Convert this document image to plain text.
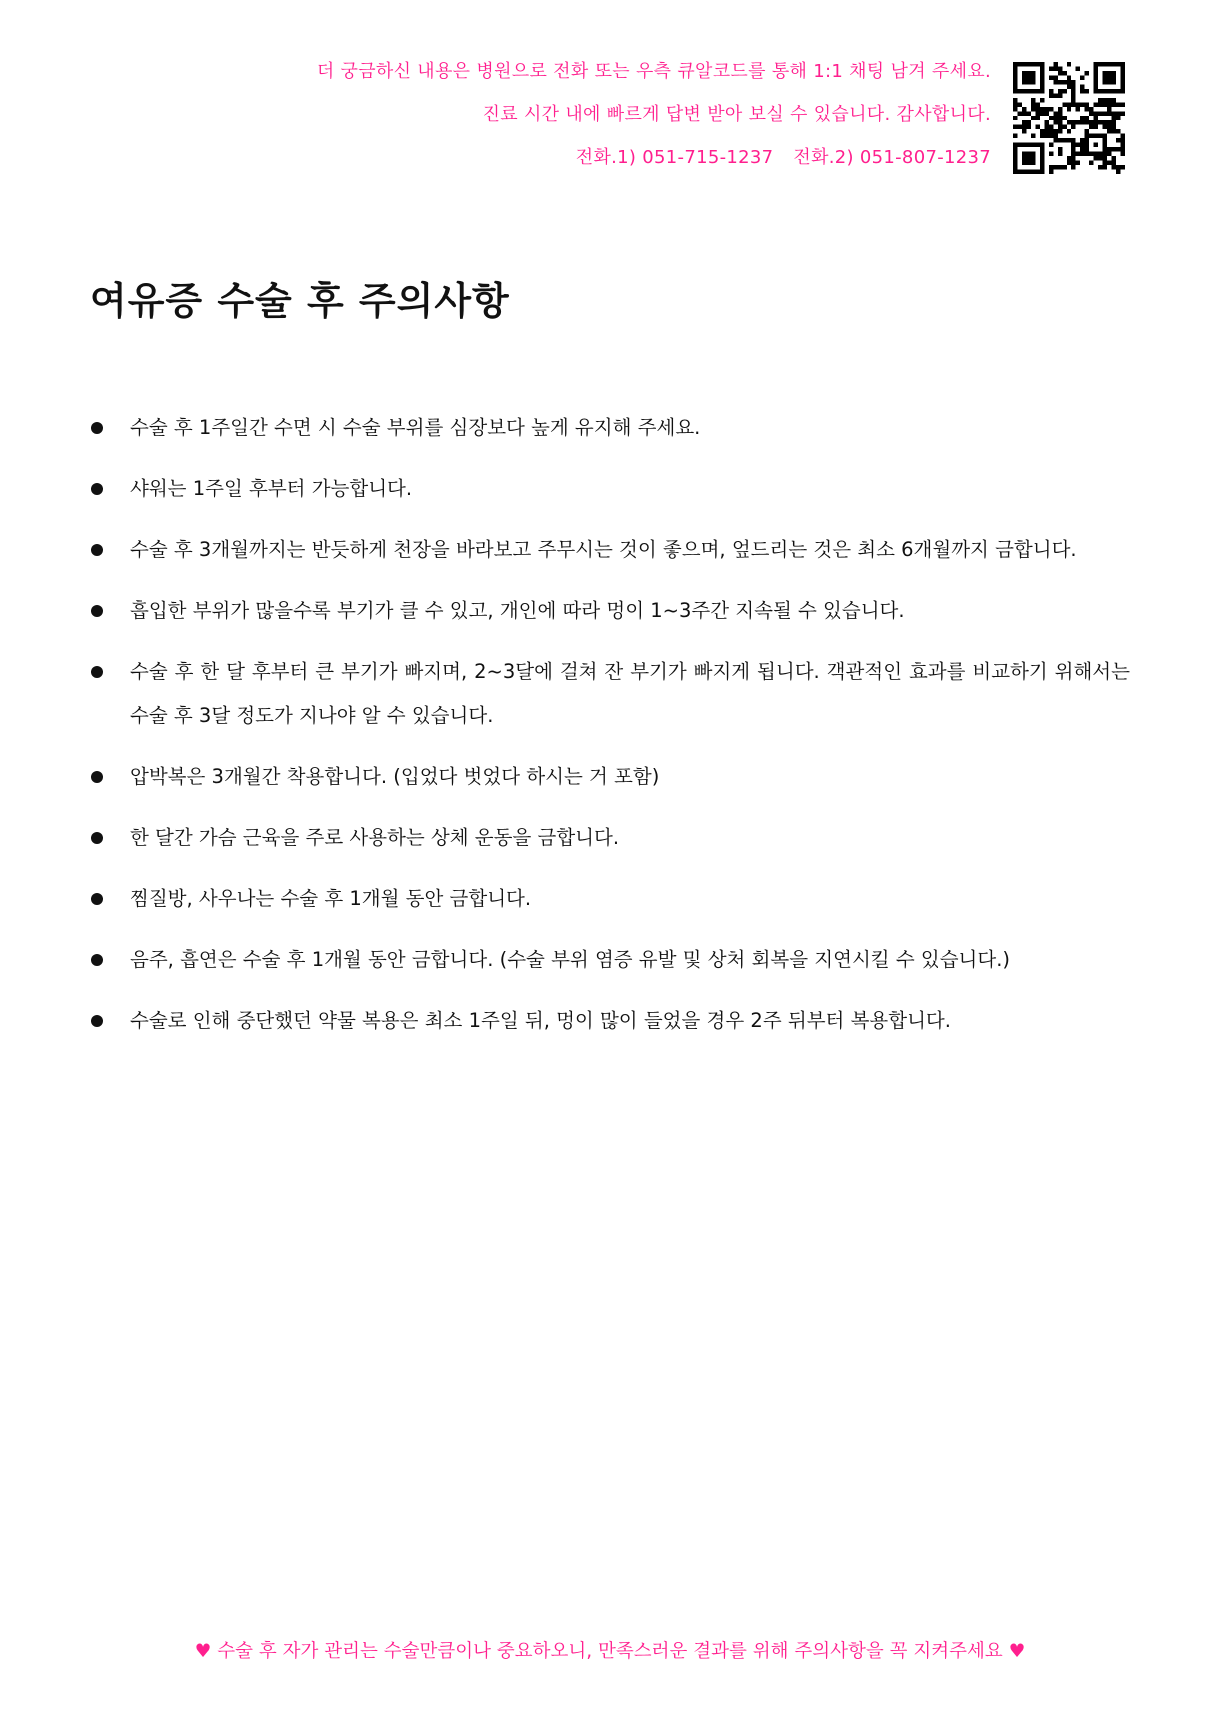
더 궁금하신 내용은 병원으로 전화 또는 우측 큐알코드를 통해 1:1 채팅 남겨 주세요.
진료 시간 내에 빠르게 답변 받아 보실 수 있습니다. 감사합니다.
전화.1) 051-715-1237 전화.2) 051-807-1237
여유증 수술 후 주의사항
수술 후 1주일간 수면 시 수술 부위를 심장보다 높게 유지해 주세요.
샤워는 1주일 후부터 가능합니다.
수술 후 3개월까지는 반듯하게 천장을 바라보고 주무시는 것이 좋으며, 엎드리는 것은 최소 6개월까지 금합니다.
흡입한 부위가 많을수록 부기가 클 수 있고, 개인에 따라 멍이 1~3주간 지속될 수 있습니다.
수술 후 한 달 후부터 큰 부기가 빠지며, 2~3달에 걸쳐 잔 부기가 빠지게 됩니다. 객관적인 효과를 비교하기 위해서는 수술 후 3달 정도가 지나야 알 수 있습니다.
압박복은 3개월간 착용합니다. (입었다 벗었다 하시는 거 포함)
한 달간 가슴 근육을 주로 사용하는 상체 운동을 금합니다.
찜질방, 사우나는 수술 후 1개월 동안 금합니다.
음주, 흡연은 수술 후 1개월 동안 금합니다. (수술 부위 염증 유발 및 상처 회복을 지연시킬 수 있습니다.)
수술로 인해 중단했던 약물 복용은 최소 1주일 뒤, 멍이 많이 들었을 경우 2주 뒤부터 복용합니다.
♥ 수술 후 자가 관리는 수술만큼이나 중요하오니, 만족스러운 결과를 위해 주의사항을 꼭 지켜주세요 ♥
